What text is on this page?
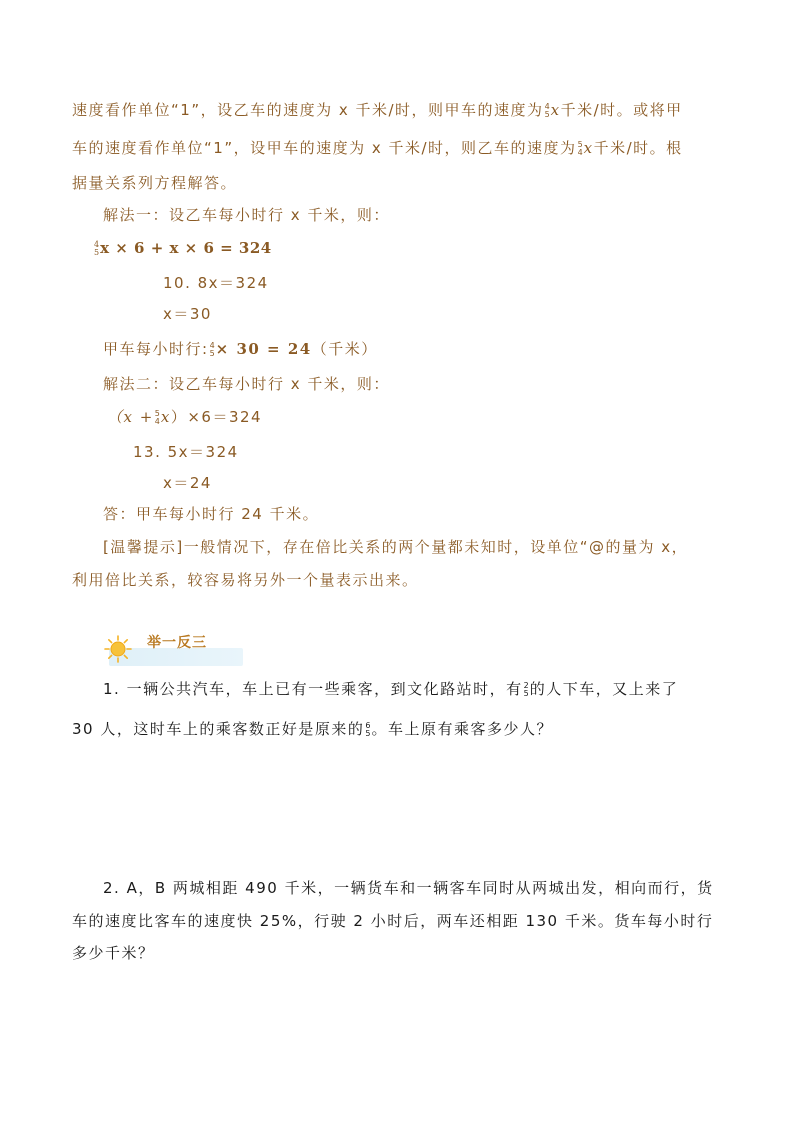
速度看作单位“1”，设乙车的速度为 x 千米/时，则甲车的速度为 4
5 x千米/时。或将甲
车的速度看作单位“1”，设甲车的速度为 x 千米/时，则乙车的速度为 5
4 x千米/时。根
据量关系列方程解答。
解法一：设乙车每小时行 x 千米，则：
4
5 x × 6 + x × 6 = 324
10. 8x＝324
x＝30
甲车每小时行: 4
5 × 30 = 24（千米）
解法二：设乙车每小时行 x 千米，则：
（x + 5
4 x）×6＝324
13. 5x＝324
x＝24
答：甲车每小时行 24 千米。
[温馨提示]一般情况下，存在倍比关系的两个量都未知时，设单位“@的量为 x，
利用倍比关系，较容易将另外一个量表示出来。
举一反三
1. 一辆公共汽车，车上已有一些乘客，到文化路站时，有 2
5 的人下车，又上来了
30 人，这时车上的乘客数正好是原来的 6
5 。车上原有乘客多少人？
2. A，B 两城相距 490 千米，一辆货车和一辆客车同时从两城出发，相向而行，货
车的速度比客车的速度快 25%，行驶 2 小时后，两车还相距 130 千米。货车每小时行
多少千米？
